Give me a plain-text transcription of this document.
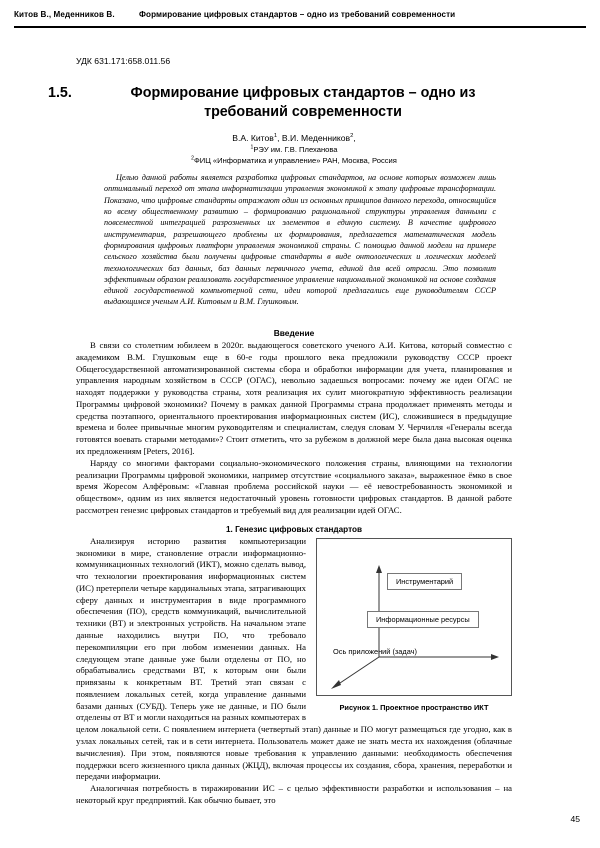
Китов В., Меденников В.	Формирование цифровых стандартов – одно из требований современности
УДК 631.171:658.011.56
1.5.	Формирование цифровых стандартов – одно из требований современности
В.А. Китов$^1$, В.И. Меденников$^2$,
$^1$РЭУ им. Г.В. Плеханова
$^2$ФИЦ «Информатика и управление» РАН, Москва, Россия
Целью данной работы является разработка цифровых стандартов, на основе которых возможен лишь оптимальный переход от этапа информатизации управления экономикой к этапу цифровые трансформации. Показано, что цифровые стандарты отражают один из основных принципов данного перехода, относящийся ко всему общественному развитию – формированию рациональной структуры управления данными с повсеместной интеграцией разрозненных их элементов в единую систему. В качестве цифрового инструментария, разрешающего проблемы их формирования, предлагается математическая модель формирования цифровых платформ управления экономикой страны. С помощью данной модели на примере сельского хозяйства были получены цифровые стандарты в виде онтологических и логических моделей технологических баз данных, баз данных первичного учета, единой для всей отрасли. Это позволит эффективным образом реализовать государственное управление национальной экономикой на основе создания единой государственной компьютерной сети, идеи которой предлагались еще руководителям СССР выдающимся ученым А.И. Китовым и В.М. Глушковым.
Введение

В связи со столетним юбилеем в 2020г. выдающегося советского ученого А.И. Китова, который совместно с академиком В.М. Глушковым еще в 60-е годы прошлого века предложили руководству СССР проект Общегосударственной автоматизированной системы сбора и обработки информации для учета, планирования и управления народным хозяйством в СССР (ОГАС), невольно задаешься вопросами: почему же идеи ОГАС не находят поддержки у руководства страны, хотя реализация их сулит многократную эффективность реализации Программы цифровой экономики? Почему в рамках данной Программы страна продолжает применять методы и средства поэтапного, ориентального проектирования информационных систем (ИС), сложившиеся в предыдущие времена и более привычные многим руководителям и специалистам, следуя словам У. Черчилля «Генералы всегда готовятся воевать старыми методами»? Стоит отметить, что за рубежом в должной мере была дана высокая оценка их предложениям [Peters, 2016].

Наряду со многими факторами социально-экономического положения страны, влияющими на технологии реализации Программы цифровой экономики, например отсутствие «социального заказа», выраженное ёмко в свое время Жоресом Алфёровым: «Главная проблема российской науки — её невостребованность экономикой и обществом», одним из них является недостаточный уровень готовности цифровых стандартов. В данной работе рассмотрен генезис цифровых стандартов и требуемый вид для реализации идей ОГАС.

1. Генезис цифровых стандартов
Инструментарий
Информационные ресурсы
Ось приложений (задач)
Рисунок 1. Проектное пространство ИКТ

Анализируя историю развития компьютеризации экономики в мире, становление отрасли информационно-коммуникационных технологий (ИКТ), можно сделать вывод, что технологии проектирования информационных систем (ИС) претерпели четыре кардинальных этапа, затрагивающих сферу данных и инструментария в виде программного обеспечения (ПО), средств коммуникаций, вычислительной техники (ВТ) и электронных устройств. На начальном этапе данные находились внутри ПО, что требовало перекомпиляции его при любом изменении данных. На следующем этапе данные уже были отделены от ПО, но обрабатывались средствами ВТ, к которым они были привязаны к конкретным ВТ. Третий этап связан с появлением локальных сетей, когда управление данными базами данных (СУБД). Теперь уже не данные, и ПО были отделены от ВТ и могли находиться на разных компьютерах в целом локальной сети. С появлением интернета (четвертый этап) данные и ПО могут размещаться где угодно, как в узлах локальных сетей, так и в сети интернета. Пользователь может даже не знать места их нахождения (облачные вычисления). При этом, появляются новые требования к управлению данными: необходимость обеспечения поддержки всего жизненного цикла данных (ЖЦД), включая процессы их создания, сбора, хранения, переработки и передачи информации.

Аналогичная потребность в тиражировании ИС – с целью эффективности разработки и использования – на некоторый круг предприятий. Как обычно бывает, это

45
